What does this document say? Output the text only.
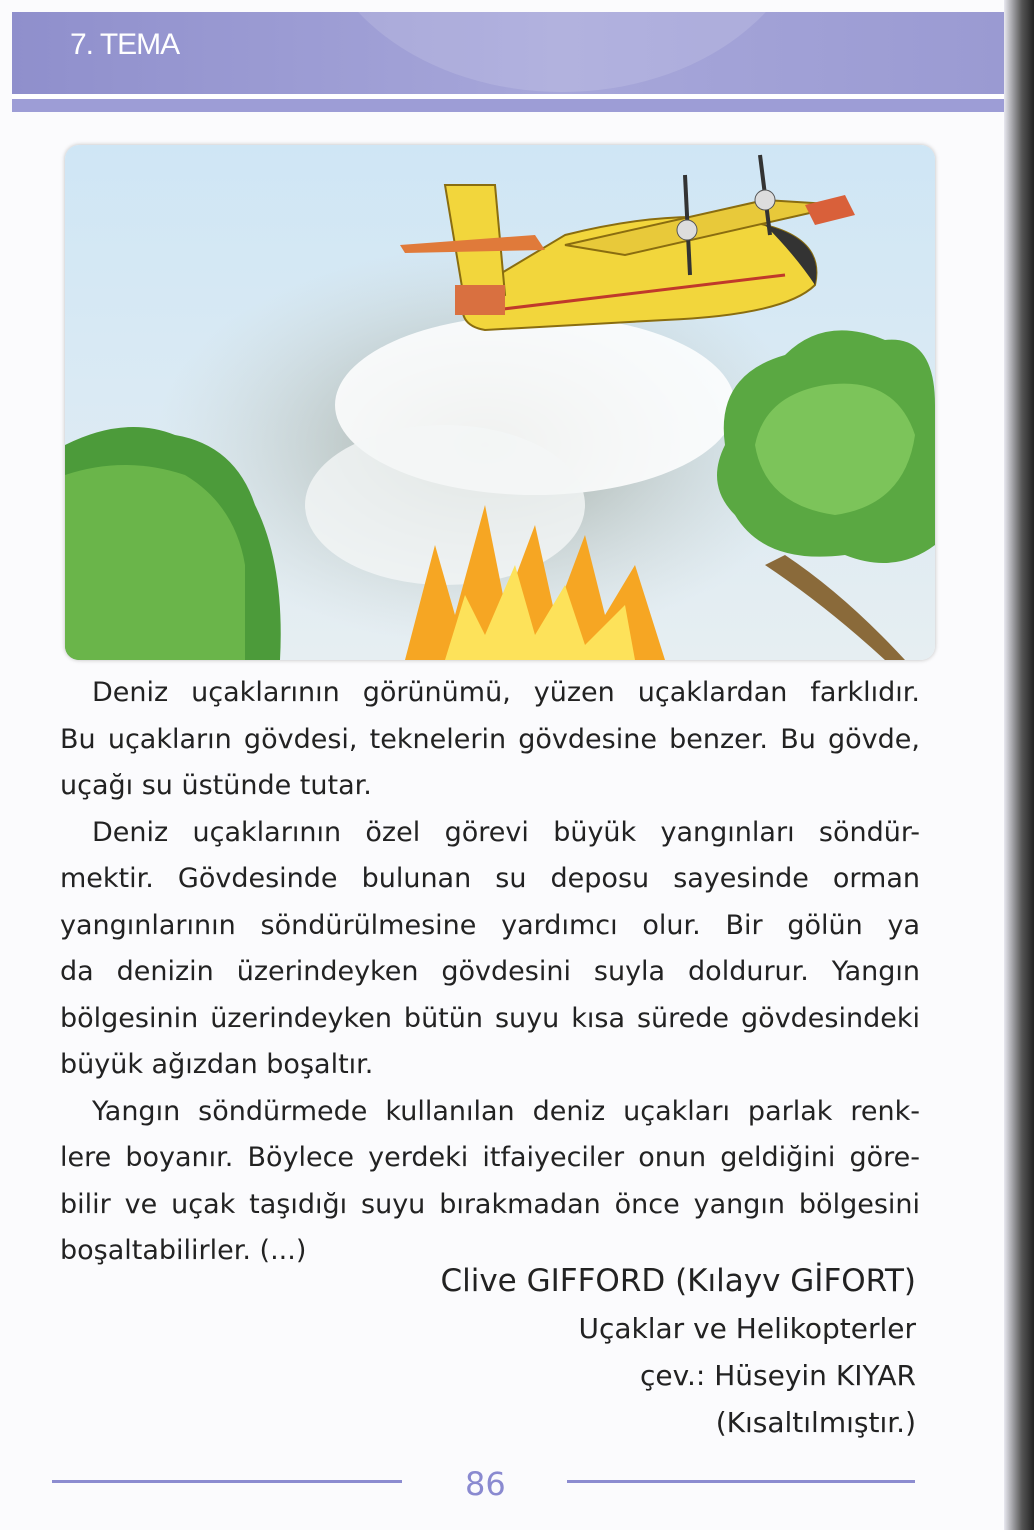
7. TEMA
Deniz uçaklarının görünümü, yüzen uçaklardan farklıdır.
Bu uçakların gövdesi, teknelerin gövdesine benzer. Bu gövde,
uçağı su üstünde tutar.
Deniz uçaklarının özel görevi büyük yangınları söndür-
mektir. Gövdesinde bulunan su deposu sayesinde orman
yangınlarının söndürülmesine yardımcı olur. Bir gölün ya
da denizin üzerindeyken gövdesini suyla doldurur. Yangın
bölgesinin üzerindeyken bütün suyu kısa sürede gövdesindeki
büyük ağızdan boşaltır.
Yangın söndürmede kullanılan deniz uçakları parlak renk-
lere boyanır. Böylece yerdeki itfaiyeciler onun geldiğini göre-
bilir ve uçak taşıdığı suyu bırakmadan önce yangın bölgesini
boşaltabilirler. (...)
Clive GIFFORD (Kılayv GİFORT)
Uçaklar ve Helikopterler
çev.: Hüseyin KIYAR
(Kısaltılmıştır.)
86
